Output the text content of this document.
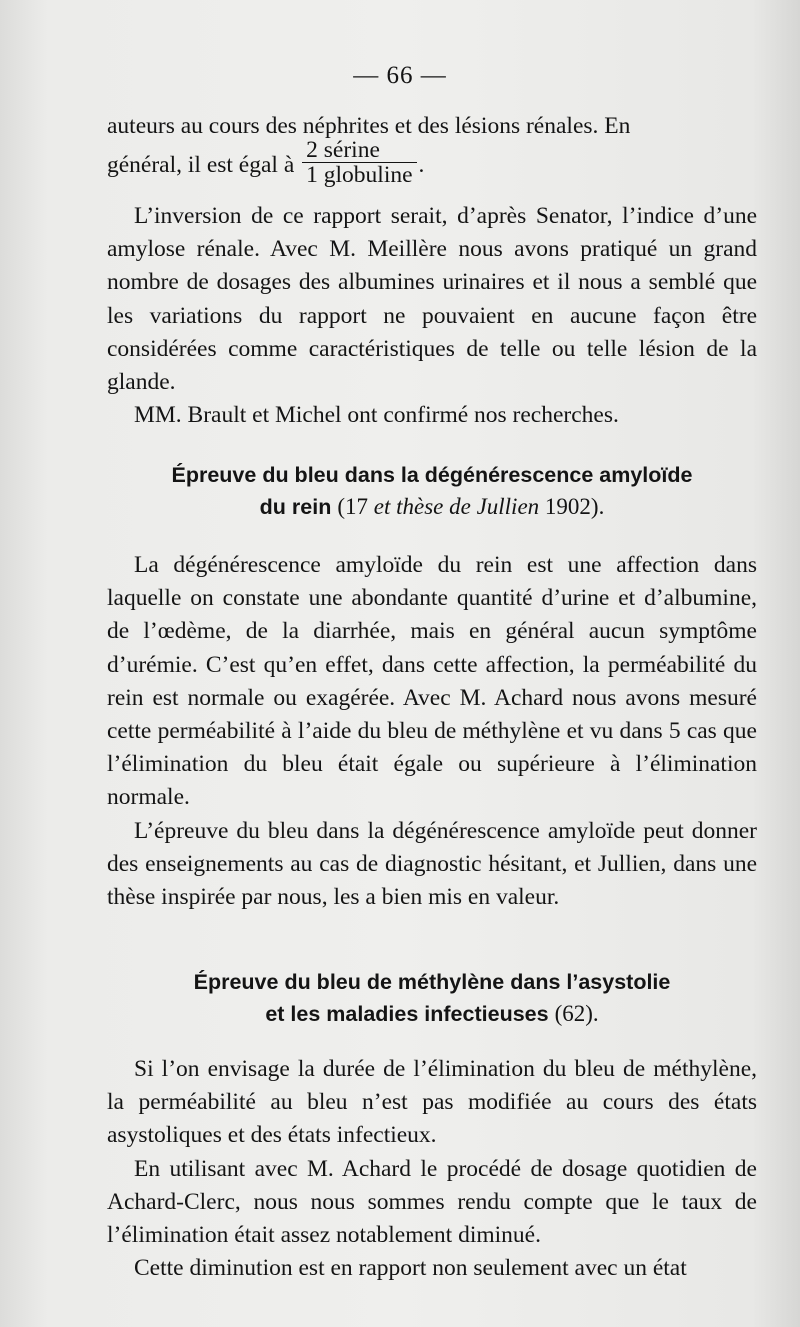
— 66 —

auteurs au cours des néphrites et des lésions rénales. En
général, il est égal à $\frac{\text{2 sérine}}{\text{1 globuline}}$ .

L’inversion de ce rapport serait, d’après Senator, l’indice d’une amylose rénale. Avec M. Meillère nous avons pratiqué un grand nombre de dosages des albumines urinaires et il nous a semblé que les variations du rapport ne pouvaient en aucune façon être considérées comme caractéristiques de telle ou telle lésion de la glande.

MM. Brault et Michel ont confirmé nos recherches.

Épreuve du bleu dans la dégénérescence amyloïde
du rein (17 et thèse de Jullien 1902).

La dégénérescence amyloïde du rein est une affection dans laquelle on constate une abondante quantité d’urine et d’albumine, de l’œdème, de la diarrhée, mais en général aucun symptôme d’urémie. C’est qu’en effet, dans cette affection, la perméabilité du rein est normale ou exagérée. Avec M. Achard nous avons mesuré cette perméabilité à l’aide du bleu de méthylène et vu dans 5 cas que l’élimination du bleu était égale ou supérieure à l’élimination normale.

L’épreuve du bleu dans la dégénérescence amyloïde peut donner des enseignements au cas de diagnostic hésitant, et Jullien, dans une thèse inspirée par nous, les a bien mis en valeur.

Épreuve du bleu de méthylène dans l’asystolie
et les maladies infectieuses (62).

Si l’on envisage la durée de l’élimination du bleu de méthylène, la perméabilité au bleu n’est pas modifiée au cours des états asystoliques et des états infectieux.

En utilisant avec M. Achard le procédé de dosage quotidien de Achard-Clerc, nous nous sommes rendu compte que le taux de l’élimination était assez notablement diminué.

Cette diminution est en rapport non seulement avec un état
